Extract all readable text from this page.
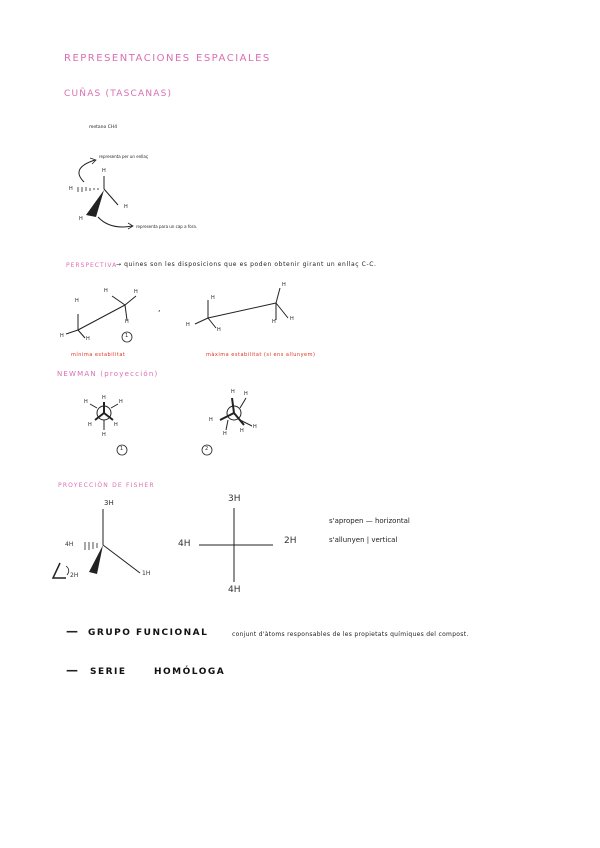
REPRESENTACIONES ESPACIALES
CUÑAS (TASCANAS)
metano CH4
representa per un enllaç
H
H
H
H
representa para un cap a fora.
PERSPECTIVA
→ quines son les disposicions que es poden obtenir girant un enllaç C-C.
H
H	H
H	H
H
1
,
mínima estabilitat
H
H
H
H
H	H
màxima estabilitat (si ens allunyem)
NEWMAN (proyección)
H
H	H
H	H
H
1
H H
H
H	H
H
2
PROYECCIÓN DE FISHER
3H
4H
1H
2H
3H
4H	2H
4H
s'apropen — horizontal
s'allunyen | vertical
— GRUPO FUNCIONAL	conjunt d'àtoms responsables de les propietats químiques del compost.
— SERIE	HOMÓLOGA
